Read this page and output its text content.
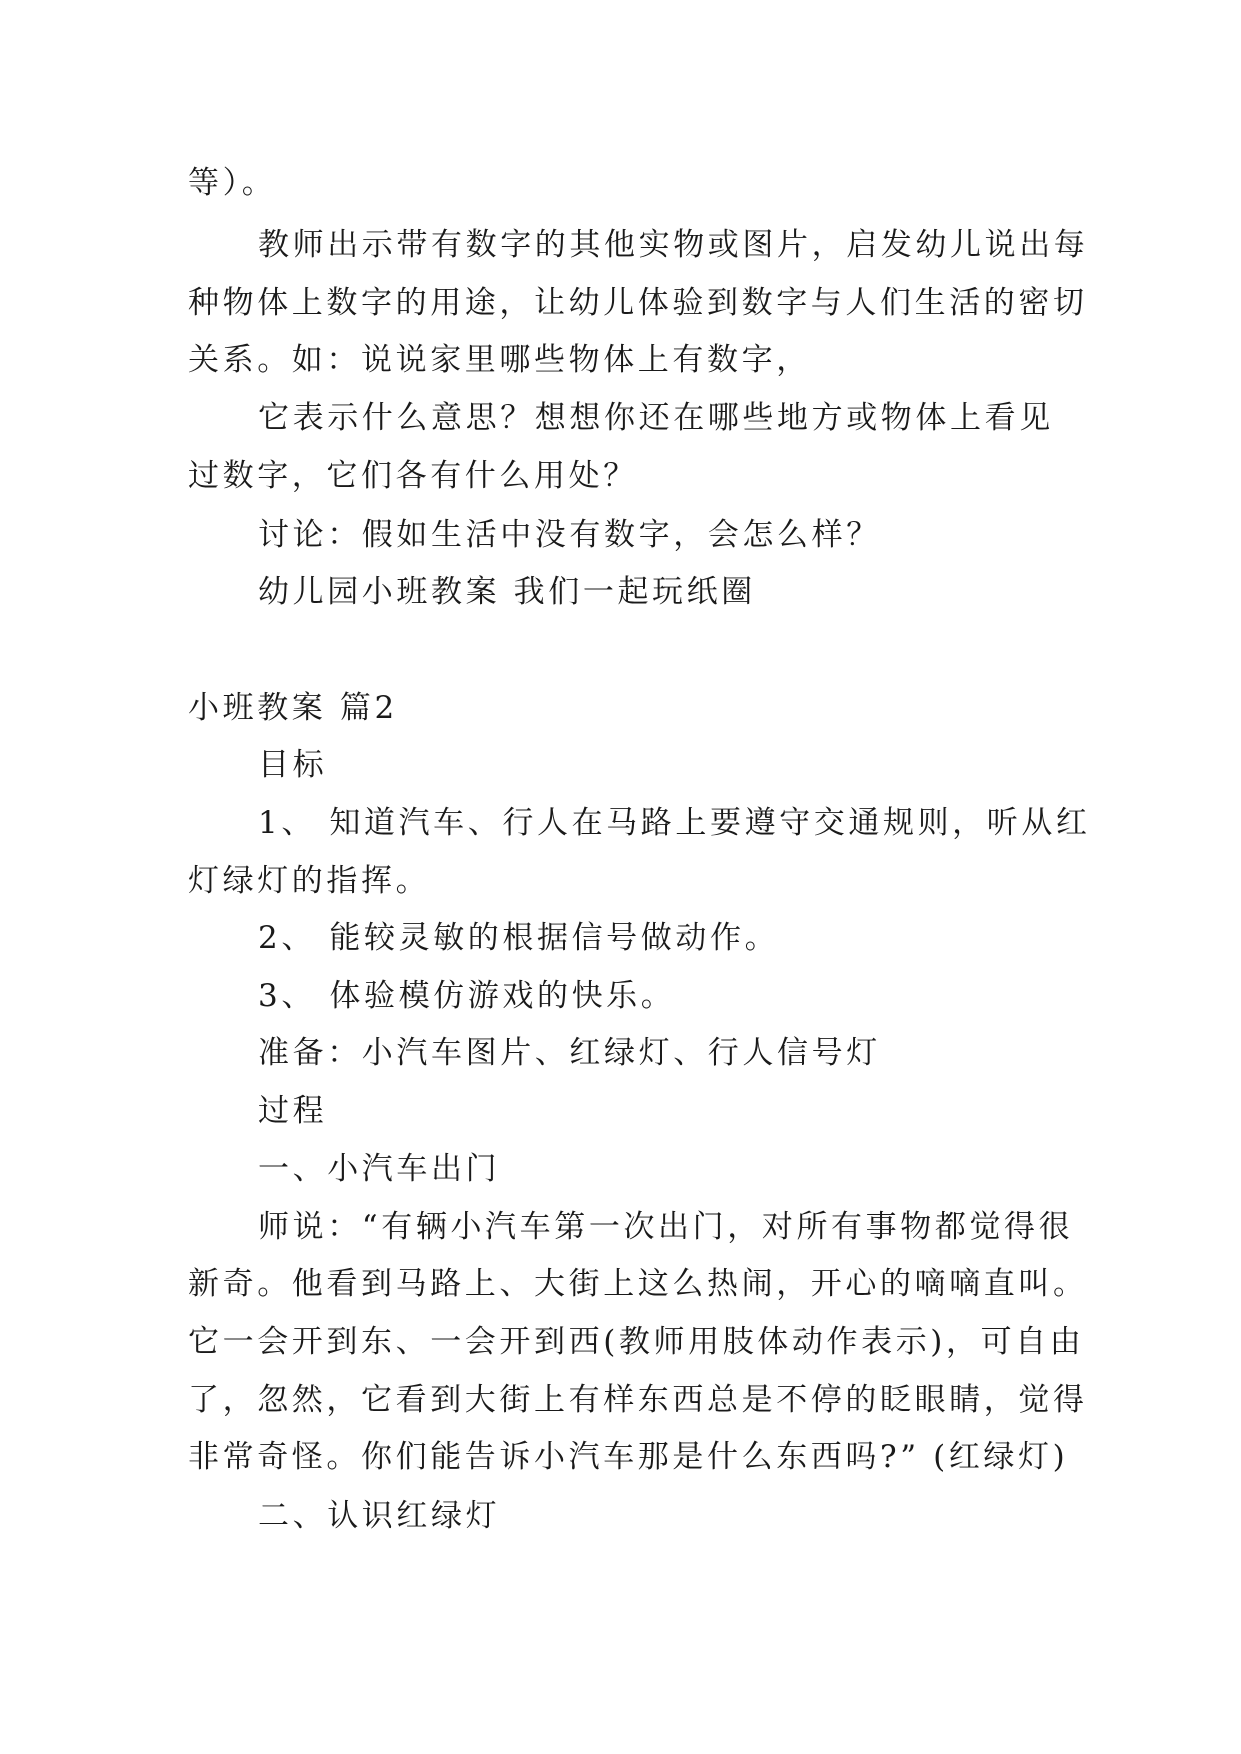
等）。
教师出示带有数字的其他实物或图片，启发幼儿说出每
种物体上数字的用途，让幼儿体验到数字与人们生活的密切
关系。如：说说家里哪些物体上有数字，
它表示什么意思？想想你还在哪些地方或物体上看见
过数字，它们各有什么用处？
讨论：假如生活中没有数字，会怎么样？
幼儿园小班教案 我们一起玩纸圈
小班教案 篇2
目标
1、 知道汽车、行人在马路上要遵守交通规则，听从红
灯绿灯的指挥。
2、 能较灵敏的根据信号做动作。
3、 体验模仿游戏的快乐。
准备：小汽车图片、红绿灯、行人信号灯
过程
一、小汽车出门
师说：“有辆小汽车第一次出门，对所有事物都觉得很
新奇。他看到马路上、大街上这么热闹，开心的嘀嘀直叫。
它一会开到东、一会开到西(教师用肢体动作表示)，可自由
了，忽然，它看到大街上有样东西总是不停的眨眼睛，觉得
非常奇怪。你们能告诉小汽车那是什么东西吗?” (红绿灯)
二、认识红绿灯
